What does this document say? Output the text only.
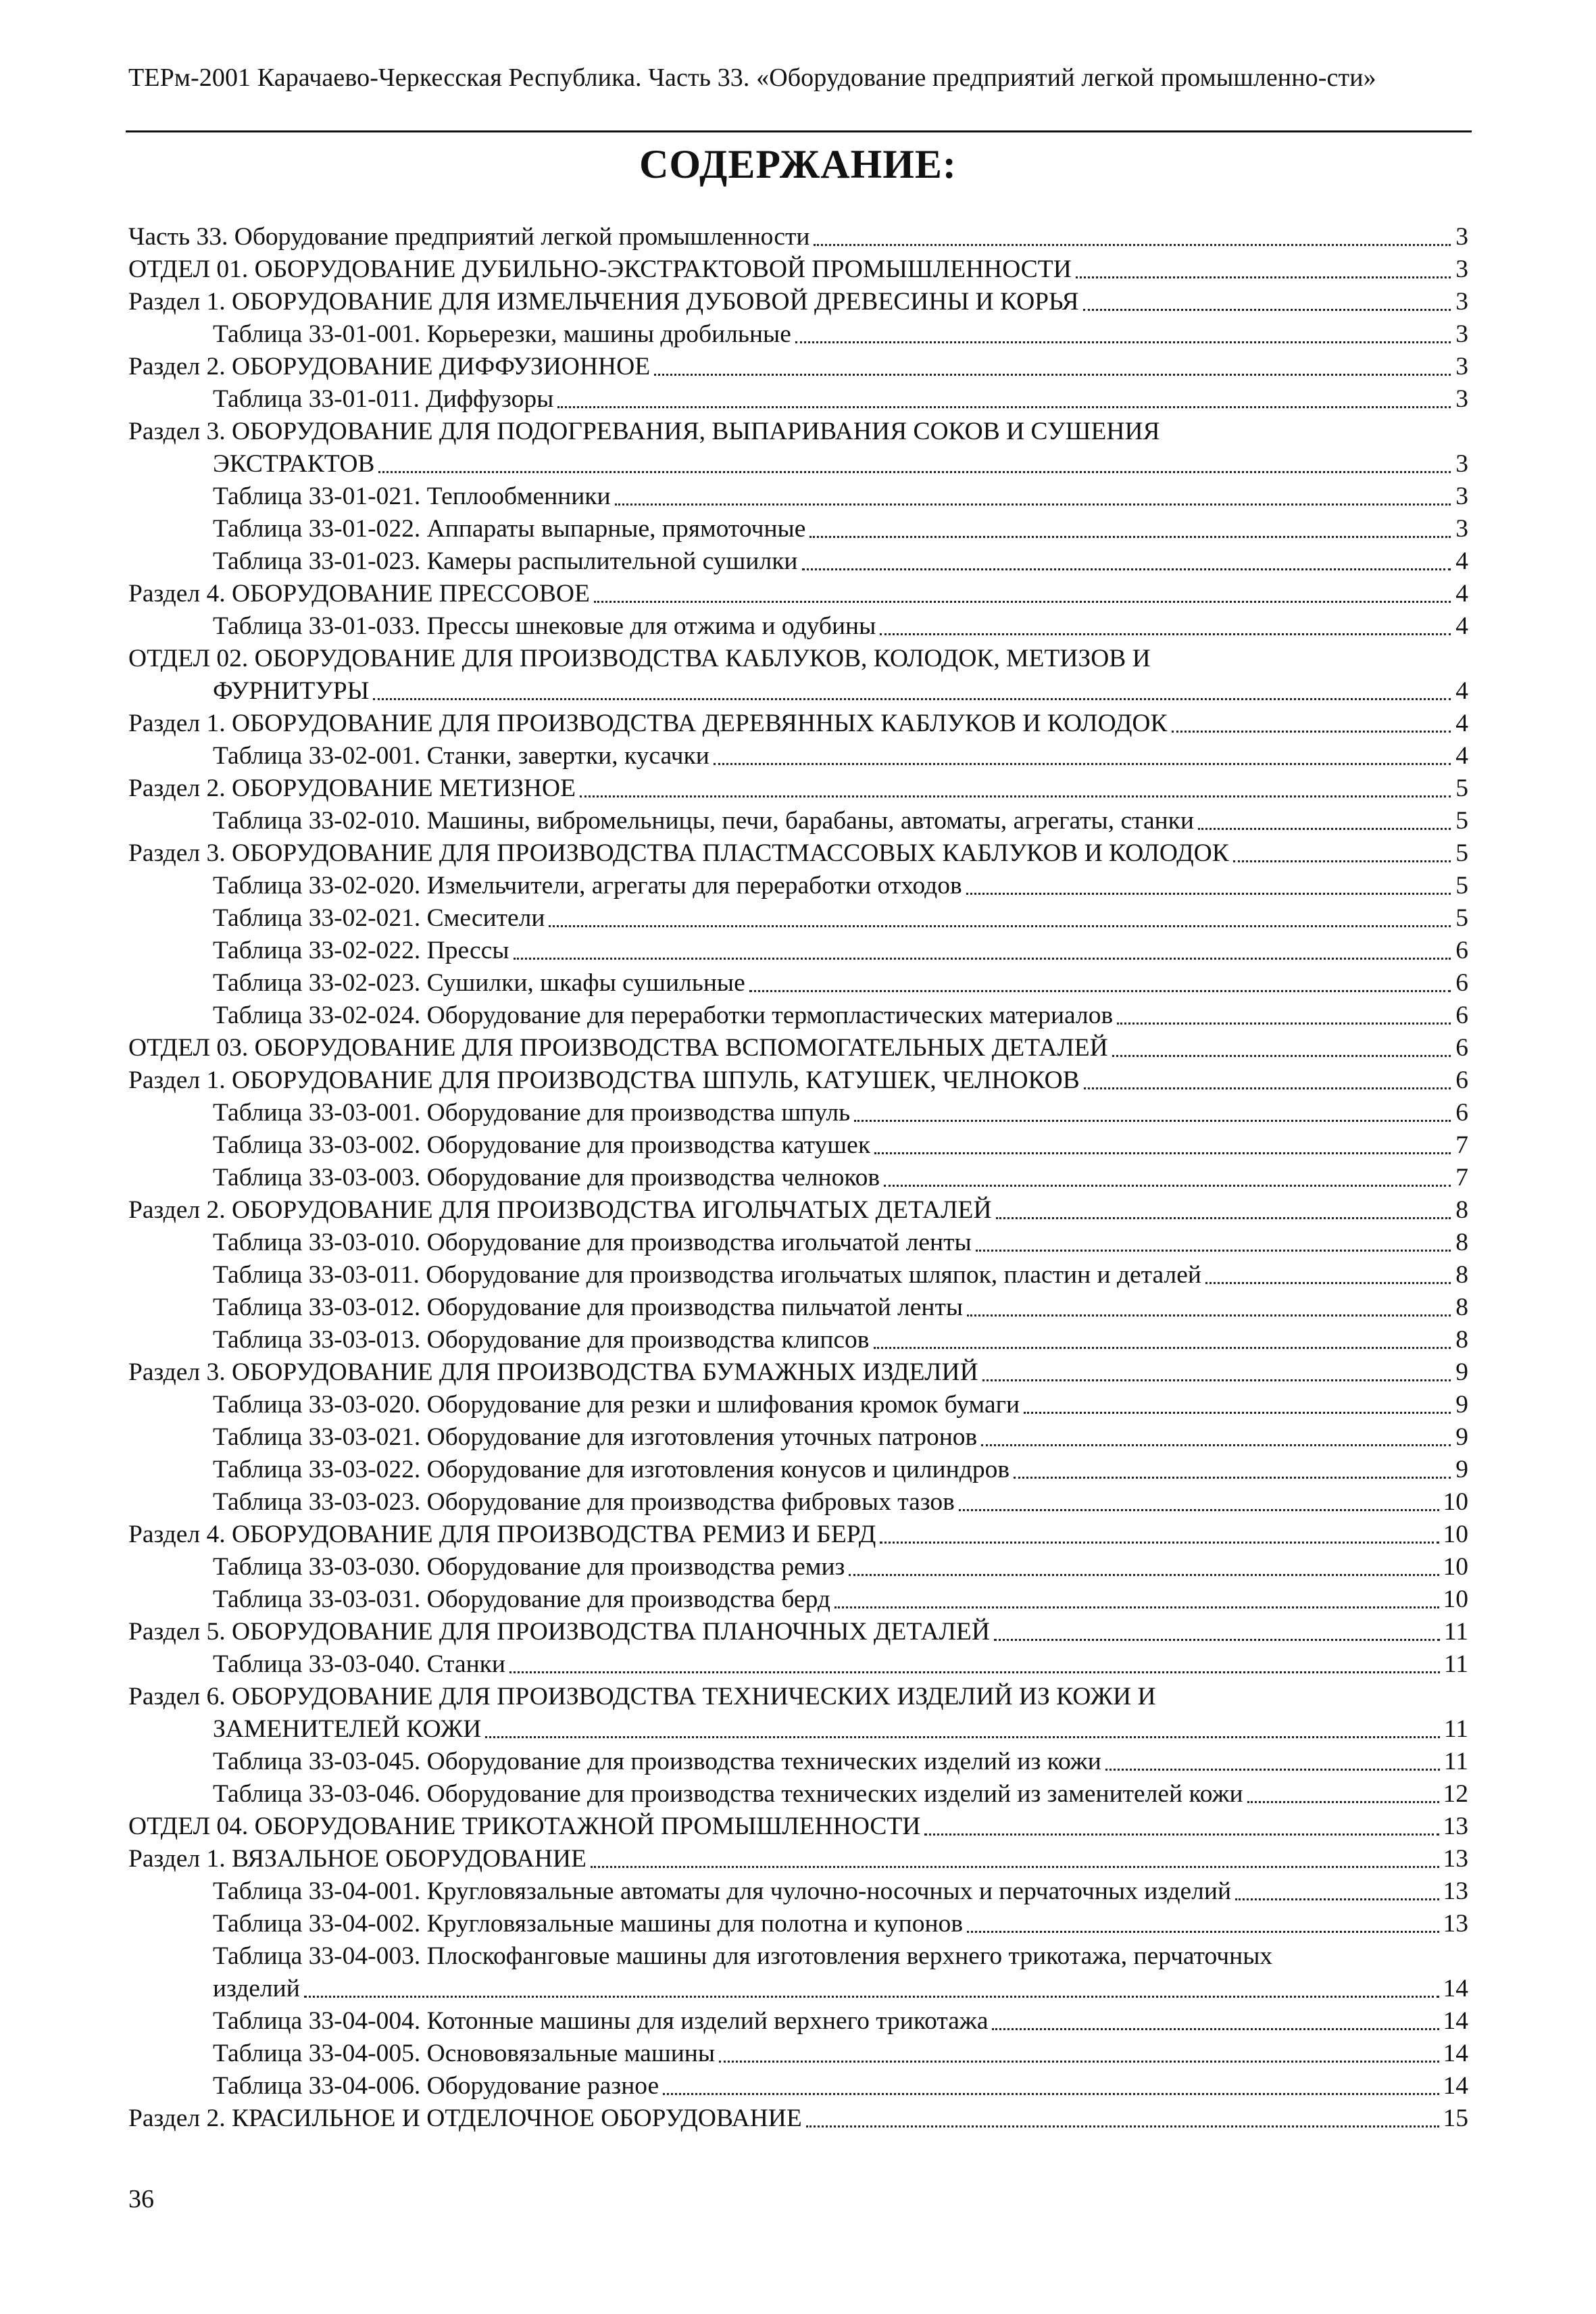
ТЕРм-2001 Карачаево-Черкесская Республика. Часть 33. «Оборудование предприятий легкой промышленно-сти»
СОДЕРЖАНИЕ:
Часть 33. Оборудование предприятий легкой промышленности	3
ОТДЕЛ 01. ОБОРУДОВАНИЕ ДУБИЛЬНО-ЭКСТРАКТОВОЙ ПРОМЫШЛЕННОСТИ	3
Раздел 1. ОБОРУДОВАНИЕ ДЛЯ ИЗМЕЛЬЧЕНИЯ ДУБОВОЙ ДРЕВЕСИНЫ И КОРЬЯ	3
Таблица 33-01-001. Корьерезки, машины дробильные	3
Раздел 2. ОБОРУДОВАНИЕ ДИФФУЗИОННОЕ	3
Таблица 33-01-011. Диффузоры	3
Раздел 3. ОБОРУДОВАНИЕ ДЛЯ ПОДОГРЕВАНИЯ, ВЫПАРИВАНИЯ СОКОВ И СУШЕНИЯ
ЭКСТРАКТОВ	3
Таблица 33-01-021. Теплообменники	3
Таблица 33-01-022. Аппараты выпарные, прямоточные	3
Таблица 33-01-023. Камеры распылительной сушилки	4
Раздел 4. ОБОРУДОВАНИЕ ПРЕССОВОЕ	4
Таблица 33-01-033. Прессы шнековые для отжима и одубины	4
ОТДЕЛ 02. ОБОРУДОВАНИЕ ДЛЯ ПРОИЗВОДСТВА КАБЛУКОВ, КОЛОДОК, МЕТИЗОВ И
ФУРНИТУРЫ	4
Раздел 1. ОБОРУДОВАНИЕ ДЛЯ ПРОИЗВОДСТВА ДЕРЕВЯННЫХ КАБЛУКОВ И КОЛОДОК	4
Таблица 33-02-001. Станки, завертки, кусачки	4
Раздел 2. ОБОРУДОВАНИЕ МЕТИЗНОЕ	5
Таблица 33-02-010. Машины, вибромельницы, печи, барабаны, автоматы, агрегаты, станки	5
Раздел 3. ОБОРУДОВАНИЕ ДЛЯ ПРОИЗВОДСТВА ПЛАСТМАССОВЫХ КАБЛУКОВ И КОЛОДОК	5
Таблица 33-02-020. Измельчители, агрегаты для переработки отходов	5
Таблица 33-02-021. Смесители	5
Таблица 33-02-022. Прессы	6
Таблица 33-02-023. Сушилки, шкафы сушильные	6
Таблица 33-02-024. Оборудование для переработки термопластических материалов	6
ОТДЕЛ 03. ОБОРУДОВАНИЕ ДЛЯ ПРОИЗВОДСТВА ВСПОМОГАТЕЛЬНЫХ ДЕТАЛЕЙ	6
Раздел 1. ОБОРУДОВАНИЕ ДЛЯ ПРОИЗВОДСТВА ШПУЛЬ, КАТУШЕК, ЧЕЛНОКОВ	6
Таблица 33-03-001. Оборудование для производства шпуль	6
Таблица 33-03-002. Оборудование для производства катушек	7
Таблица 33-03-003. Оборудование для производства челноков	7
Раздел 2. ОБОРУДОВАНИЕ ДЛЯ ПРОИЗВОДСТВА ИГОЛЬЧАТЫХ ДЕТАЛЕЙ	8
Таблица 33-03-010. Оборудование для производства игольчатой ленты	8
Таблица 33-03-011. Оборудование для производства игольчатых шляпок, пластин и деталей	8
Таблица 33-03-012. Оборудование для производства пильчатой ленты	8
Таблица 33-03-013. Оборудование для производства клипсов	8
Раздел 3. ОБОРУДОВАНИЕ ДЛЯ ПРОИЗВОДСТВА БУМАЖНЫХ ИЗДЕЛИЙ	9
Таблица 33-03-020. Оборудование для резки и шлифования кромок бумаги	9
Таблица 33-03-021. Оборудование для изготовления уточных патронов	9
Таблица 33-03-022. Оборудование для изготовления конусов и цилиндров	9
Таблица 33-03-023. Оборудование для производства фибровых тазов	10
Раздел 4. ОБОРУДОВАНИЕ ДЛЯ ПРОИЗВОДСТВА РЕМИЗ И БЕРД	10
Таблица 33-03-030. Оборудование для производства ремиз	10
Таблица 33-03-031. Оборудование для производства берд	10
Раздел 5. ОБОРУДОВАНИЕ ДЛЯ ПРОИЗВОДСТВА ПЛАНОЧНЫХ ДЕТАЛЕЙ	11
Таблица 33-03-040. Станки	11
Раздел 6. ОБОРУДОВАНИЕ ДЛЯ ПРОИЗВОДСТВА ТЕХНИЧЕСКИХ ИЗДЕЛИЙ ИЗ КОЖИ И
ЗАМЕНИТЕЛЕЙ КОЖИ	11
Таблица 33-03-045. Оборудование для производства технических изделий из кожи	11
Таблица 33-03-046. Оборудование для производства технических изделий из заменителей кожи	12
ОТДЕЛ 04. ОБОРУДОВАНИЕ ТРИКОТАЖНОЙ ПРОМЫШЛЕННОСТИ	13
Раздел 1. ВЯЗАЛЬНОЕ ОБОРУДОВАНИЕ	13
Таблица 33-04-001. Кругловязальные автоматы для чулочно-носочных и перчаточных изделий	13
Таблица 33-04-002. Кругловязальные машины для полотна и купонов	13
Таблица 33-04-003. Плоскофанговые машины для изготовления верхнего трикотажа, перчаточных
изделий	14
Таблица 33-04-004. Котонные машины для изделий верхнего трикотажа	14
Таблица 33-04-005. Основовязальные машины	14
Таблица 33-04-006. Оборудование разное	14
Раздел 2. КРАСИЛЬНОЕ И ОТДЕЛОЧНОЕ ОБОРУДОВАНИЕ	15
36
